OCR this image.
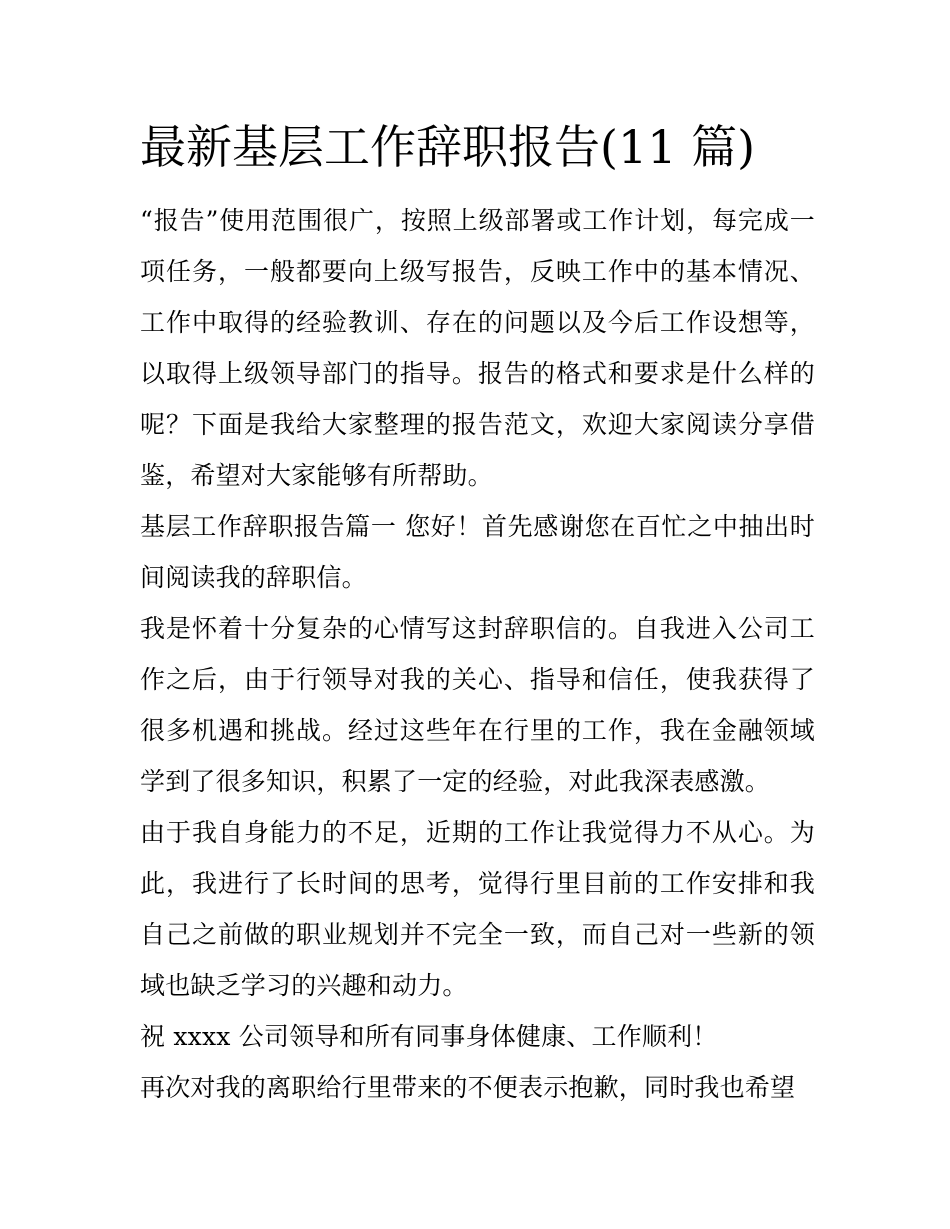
最新基层工作辞职报告(11 篇)

“报告”使用范围很广，按照上级部署或工作计划，每完成一项任务，一般都要向上级写报告，反映工作中的基本情况、工作中取得的经验教训、存在的问题以及今后工作设想等，以取得上级领导部门的指导。报告的格式和要求是什么样的呢？下面是我给大家整理的报告范文，欢迎大家阅读分享借鉴，希望对大家能够有所帮助。

基层工作辞职报告篇一 您好！首先感谢您在百忙之中抽出时间阅读我的辞职信。

我是怀着十分复杂的心情写这封辞职信的。自我进入公司工作之后，由于行领导对我的关心、指导和信任，使我获得了很多机遇和挑战。经过这些年在行里的工作，我在金融领域学到了很多知识，积累了一定的经验，对此我深表感激。

由于我自身能力的不足，近期的工作让我觉得力不从心。为此，我进行了长时间的思考，觉得行里目前的工作安排和我自己之前做的职业规划并不完全一致，而自己对一些新的领域也缺乏学习的兴趣和动力。

祝 xxxx 公司领导和所有同事身体健康、工作顺利！

再次对我的离职给行里带来的不便表示抱歉，同时我也希望
